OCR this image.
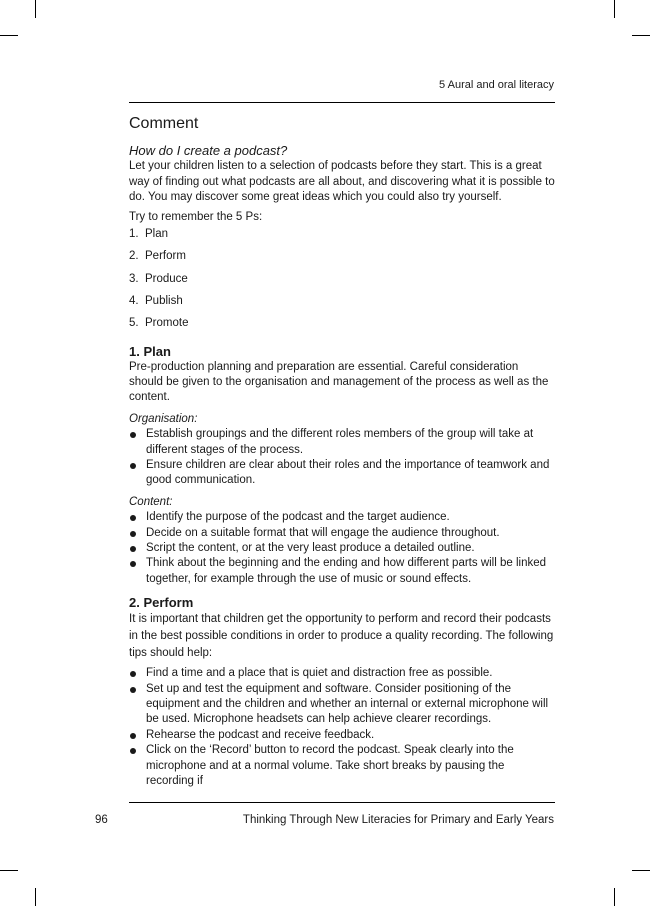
5 Aural and oral literacy
Comment

How do I create a podcast?

Let your children listen to a selection of podcasts before they start. This is a great way of finding out what podcasts are all about, and discovering what it is possible to do. You may discover some great ideas which you could also try yourself.

Try to remember the 5 Ps:

1. Plan
2. Perform
3. Produce
4. Publish
5. Promote
1. Plan

Pre-production planning and preparation are essential. Careful consideration should be given to the organisation and management of the process as well as the content.

Organisation:

Establish groupings and the different roles members of the group will take at different stages of the process.
Ensure children are clear about their roles and the importance of teamwork and good communication.

Content:

Identify the purpose of the podcast and the target audience.
Decide on a suitable format that will engage the audience throughout.
Script the content, or at the very least produce a detailed outline.
Think about the beginning and the ending and how different parts will be linked together, for example through the use of music or sound effects.
2. Perform

It is important that children get the opportunity to perform and record their podcasts in the best possible conditions in order to produce a quality recording. The following tips should help:

Find a time and a place that is quiet and distraction free as possible.
Set up and test the equipment and software. Consider positioning of the equipment and the children and whether an internal or external microphone will be used. Microphone headsets can help achieve clearer recordings.
Rehearse the podcast and receive feedback.
Click on the ‘Record’ button to record the podcast. Speak clearly into the microphone and at a normal volume. Take short breaks by pausing the recording if
96	Thinking Through New Literacies for Primary and Early Years
